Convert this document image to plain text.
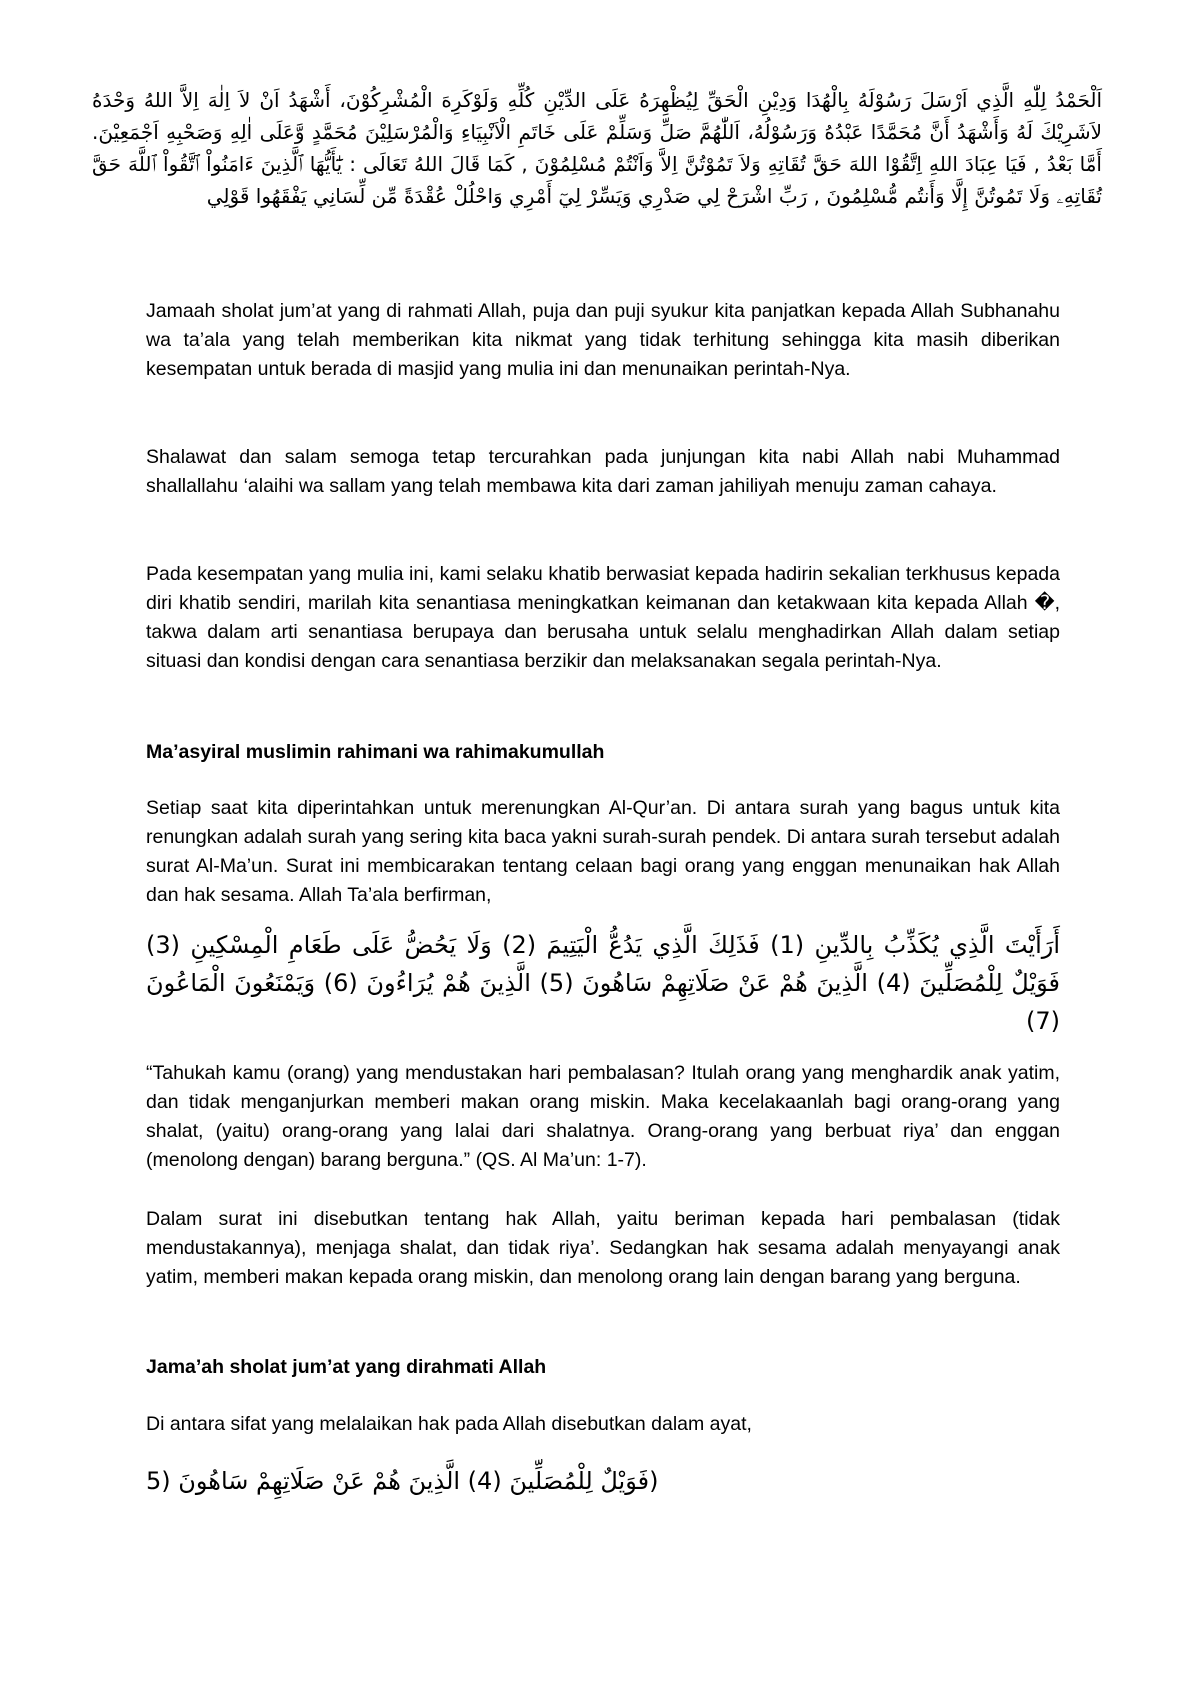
اَلْحَمْدُ لِلّٰهِ الَّذِي اَرْسَلَ رَسُوْلَهُ بِالْهُدَا وَدِيْنِ الْحَقِّ لِيُظْهِرَهُ عَلَى الدِّيْنِ كُلِّهِ وَلَوْكَرِهَ الْمُشْرِكُوْنَ، أَشْهَدُ اَنْ لاَ اِلٰهَ اِلاَّ اللهُ وَحْدَهُ لاَشَرِيْكَ لَهُ وَأَشْهَدُ أَنَّ مُحَمَّدًا عَبْدُهُ وَرَسُوْلُهُ، اَللّٰهُمَّ صَلِّ وَسَلِّمْ عَلَى خَاتَمِ الْاَنْبِيَاءِ وَالْمُرْسَلِيْنَ مُحَمَّدٍ وَّعَلَى اٰلِهِ وَصَحْبِهِ اَجْمَعِيْنَ. أَمَّا بَعْدُ , فَيَا عِبَادَ اللهِ اِتَّقُوْا اللهَ حَقَّ تُقَاتِهِ وَلاَ تَمُوْتُنَّ اِلاَّ وَاَنْتُمْ مُسْلِمُوْنَ , كَمَا قَالَ اللهُ تَعَالَى : يَٰٓأَيُّهَا ٱلَّذِينَ ءَامَنُواْ ٱتَّقُواْ ٱللَّهَ حَقَّ تُقَاتِهِۦ وَلَا تَمُوتُنَّ إِلَّا وَأَنتُم مُّسْلِمُونَ , رَبِّ اشْرَحْ لِي صَدْرِي وَيَسِّرْ لِيٓ أَمْرِي وَاحْلُلْ عُقْدَةً مِّن لِّسَانِي يَفْقَهُوا قَوْلِي

Jamaah sholat jum’at yang di rahmati Allah, puja dan puji syukur kita panjatkan kepada Allah Subhanahu wa ta’ala yang telah memberikan kita nikmat yang tidak terhitung sehingga kita masih diberikan kesempatan untuk berada di masjid yang mulia ini dan menunaikan perintah-Nya.

Shalawat dan salam semoga tetap tercurahkan pada junjungan kita nabi Allah nabi Muhammad shallallahu ‘alaihi wa sallam yang telah membawa kita dari zaman jahiliyah menuju zaman cahaya.

Pada kesempatan yang mulia ini, kami selaku khatib berwasiat kepada hadirin sekalian terkhusus kepada diri khatib sendiri, marilah kita senantiasa meningkatkan keimanan dan ketakwaan kita kepada Allah �, takwa dalam arti senantiasa berupaya dan berusaha untuk selalu menghadirkan Allah dalam setiap situasi dan kondisi dengan cara senantiasa berzikir dan melaksanakan segala perintah-Nya.

Ma’asyiral muslimin rahimani wa rahimakumullah

Setiap saat kita diperintahkan untuk merenungkan Al-Qur’an. Di antara surah yang bagus untuk kita renungkan adalah surah yang sering kita baca yakni surah-surah pendek. Di antara surah tersebut adalah surat Al-Ma’un. Surat ini membicarakan tentang celaan bagi orang yang enggan menunaikan hak Allah dan hak sesama. Allah Ta’ala berfirman,

أَرَأَيْتَ الَّذِي يُكَذِّبُ بِالدِّينِ (1) فَذَلِكَ الَّذِي يَدُعُّ الْيَتِيمَ (2) وَلَا يَحُضُّ عَلَى طَعَامِ الْمِسْكِينِ (3) فَوَيْلٌ لِلْمُصَلِّينَ (4) الَّذِينَ هُمْ عَنْ صَلَاتِهِمْ سَاهُونَ (5) الَّذِينَ هُمْ يُرَاءُونَ (6) وَيَمْنَعُونَ الْمَاعُونَ (7)

“Tahukah kamu (orang) yang mendustakan hari pembalasan? Itulah orang yang menghardik anak yatim, dan tidak menganjurkan memberi makan orang miskin. Maka kecelakaanlah bagi orang-orang yang shalat, (yaitu) orang-orang yang lalai dari shalatnya. Orang-orang yang berbuat riya’ dan enggan (menolong dengan) barang berguna.” (QS. Al Ma’un: 1-7).

Dalam surat ini disebutkan tentang hak Allah, yaitu beriman kepada hari pembalasan (tidak mendustakannya), menjaga shalat, dan tidak riya’. Sedangkan hak sesama adalah menyayangi anak yatim, memberi makan kepada orang miskin, dan menolong orang lain dengan barang yang berguna.

Jama’ah sholat jum’at yang dirahmati Allah

Di antara sifat yang melalaikan hak pada Allah disebutkan dalam ayat,

(فَوَيْلٌ لِلْمُصَلِّينَ (4) الَّذِينَ هُمْ عَنْ صَلَاتِهِمْ سَاهُونَ (5
